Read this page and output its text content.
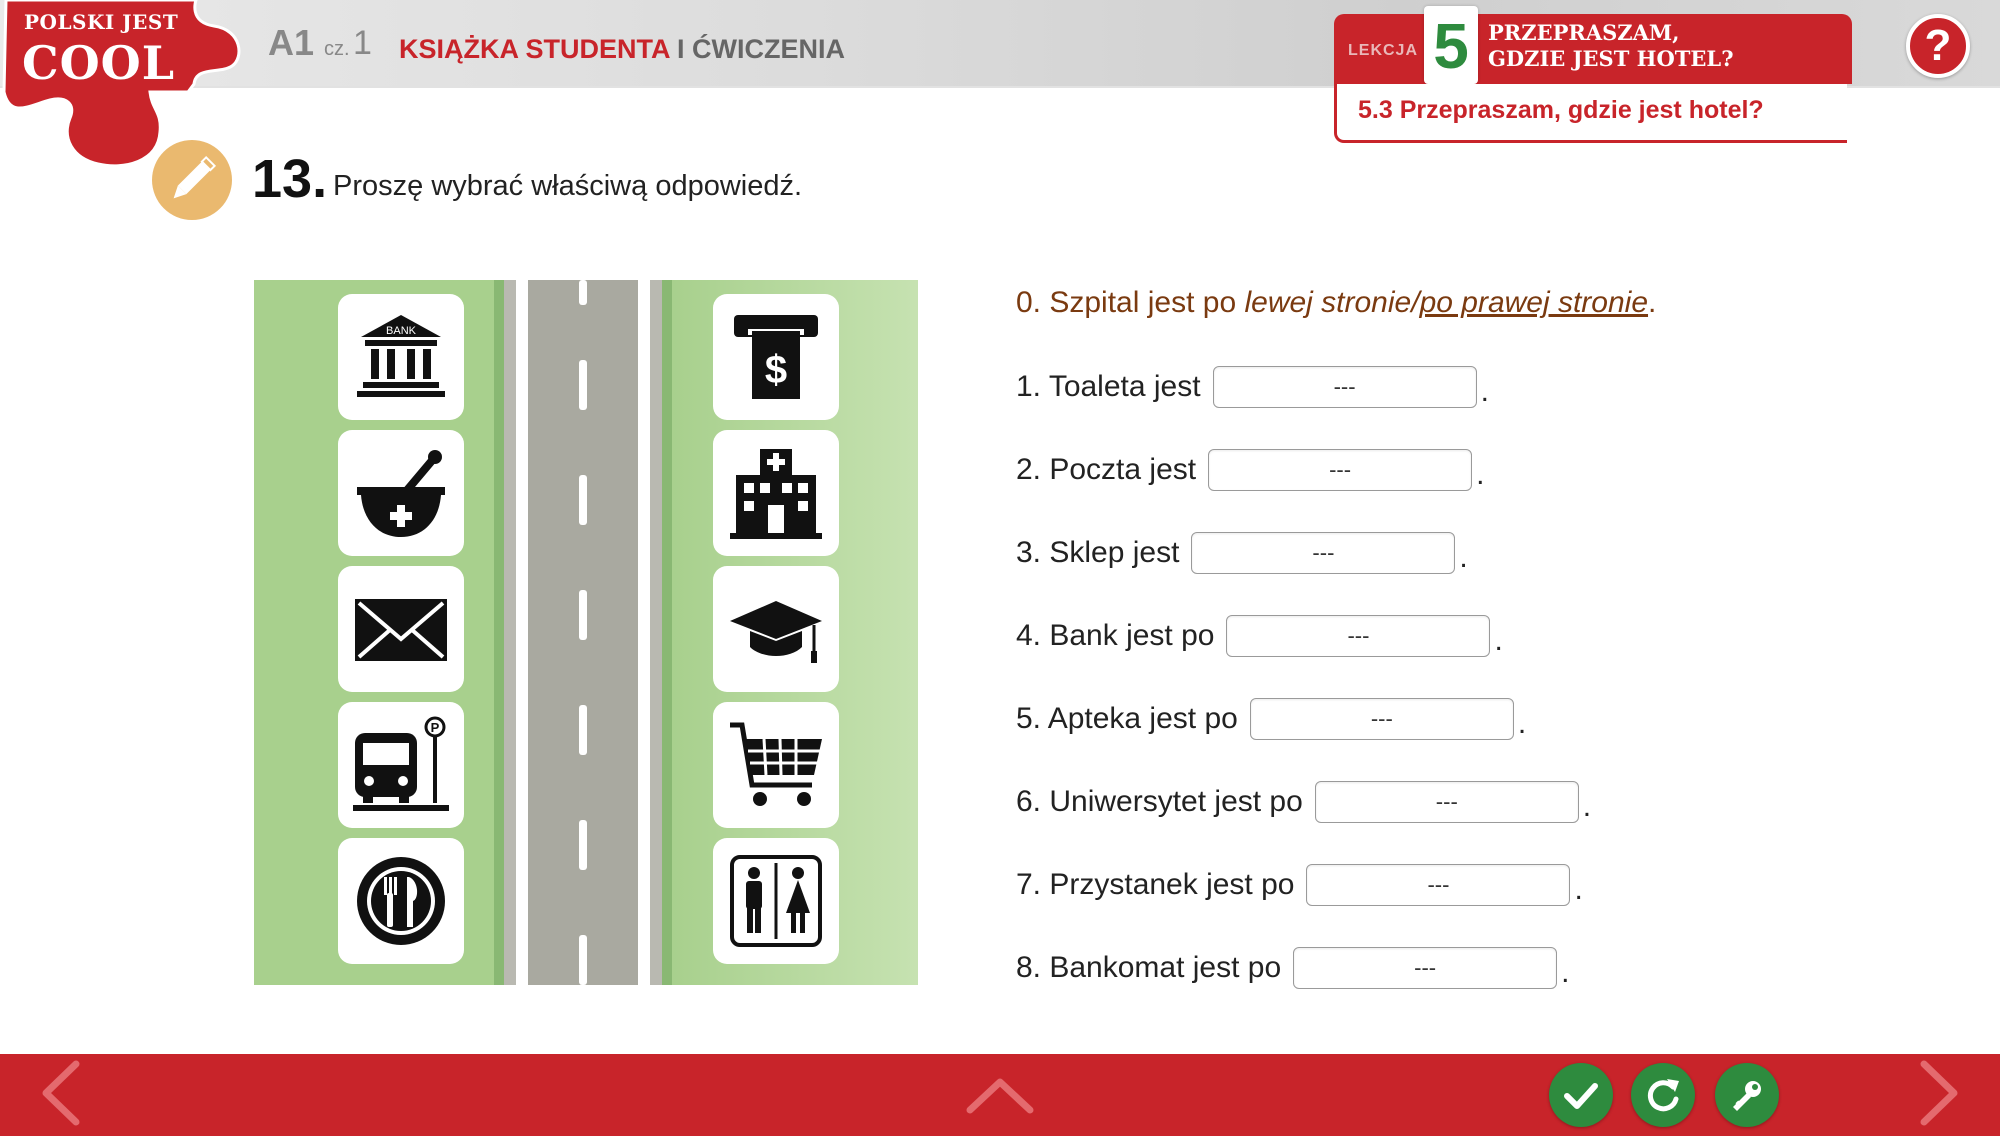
POLSKI JEST
COOL	A1 cz. 1 KSIĄŻKA STUDENTA I ĆWICZENIA	LEKCJA 5 PRZEPRASZAM,
GDZIE JEST HOTEL?
5.3 Przepraszam, gdzie jest hotel?
?
13. Proszę wybrać właściwą odpowiedź.
BANK
P
$
0. Szpital jest po lewej stronie/po prawej stronie.
1. Toaleta jest	---	.
2. Poczta jest	---	.
3. Sklep jest	---	.
4. Bank jest po	---	.
5. Apteka jest po	---	.
6. Uniwersytet jest po	---	.
7. Przystanek jest po	---	.
8. Bankomat jest po	---	.
